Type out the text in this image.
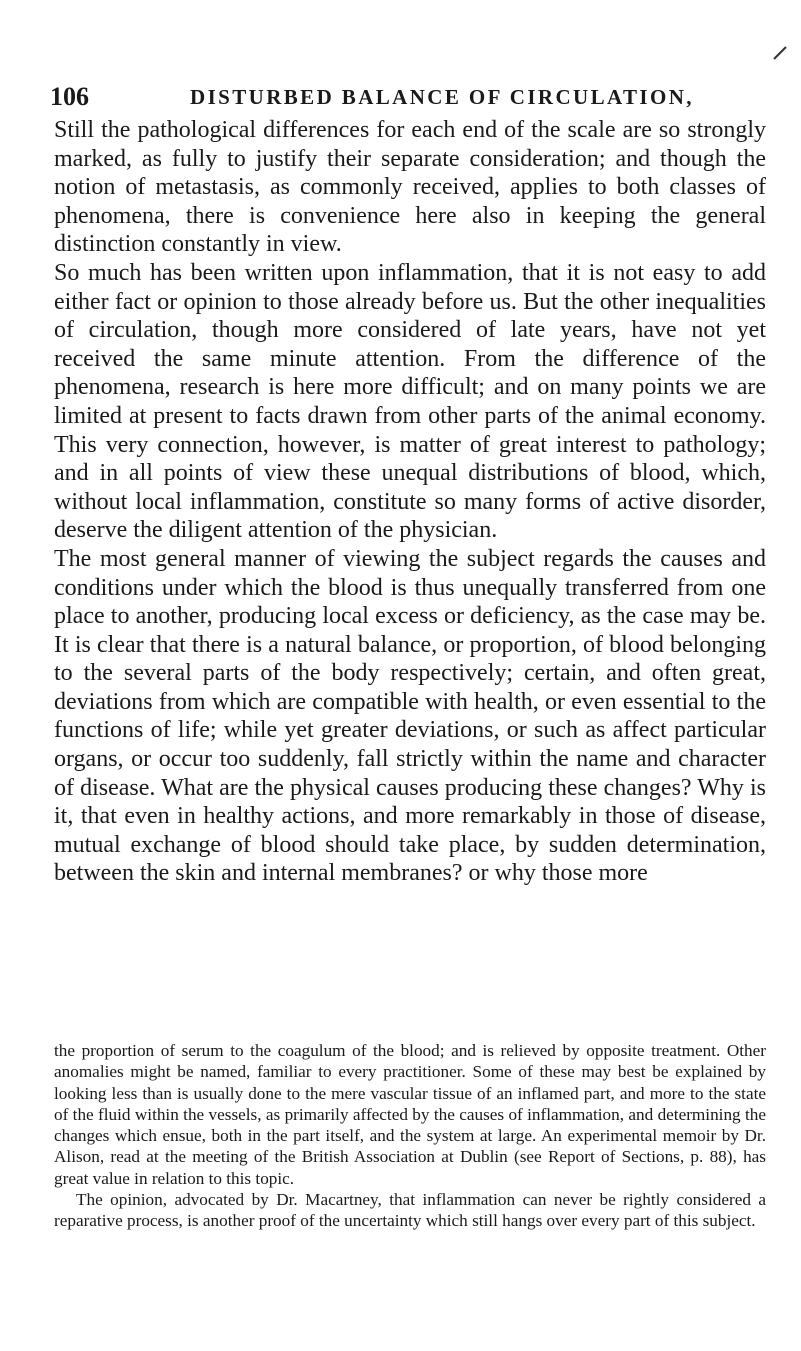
106	DISTURBED BALANCE OF CIRCULATION,

Still the pathological differences for each end of the scale are so strongly marked, as fully to justify their separate consideration; and though the notion of metastasis, as commonly received, applies to both classes of phenomena, there is convenience here also in keeping the general distinction constantly in view.

So much has been written upon inflammation, that it is not easy to add either fact or opinion to those already before us. But the other inequalities of circulation, though more considered of late years, have not yet received the same minute attention. From the difference of the phenomena, research is here more difficult; and on many points we are limited at present to facts drawn from other parts of the animal economy. This very connection, however, is matter of great interest to pathology; and in all points of view these unequal distributions of blood, which, without local inflammation, constitute so many forms of active disorder, deserve the diligent attention of the physician.

The most general manner of viewing the subject regards the causes and conditions under which the blood is thus unequally transferred from one place to another, producing local excess or deficiency, as the case may be. It is clear that there is a natural balance, or proportion, of blood belonging to the several parts of the body respectively; certain, and often great, deviations from which are compatible with health, or even essential to the functions of life; while yet greater deviations, or such as affect particular organs, or occur too suddenly, fall strictly within the name and character of disease. What are the physical causes producing these changes? Why is it, that even in healthy actions, and more remarkably in those of disease, mutual exchange of blood should take place, by sudden determination, between the skin and internal membranes? or why those more

the proportion of serum to the coagulum of the blood; and is relieved by opposite treatment. Other anomalies might be named, familiar to every practitioner. Some of these may best be explained by looking less than is usually done to the mere vascular tissue of an inflamed part, and more to the state of the fluid within the vessels, as primarily affected by the causes of inflammation, and determining the changes which ensue, both in the part itself, and the system at large. An experimental memoir by Dr. Alison, read at the meeting of the British Association at Dublin (see Report of Sections, p. 88), has great value in relation to this topic.

The opinion, advocated by Dr. Macartney, that inflammation can never be rightly considered a reparative process, is another proof of the uncertainty which still hangs over every part of this subject.
